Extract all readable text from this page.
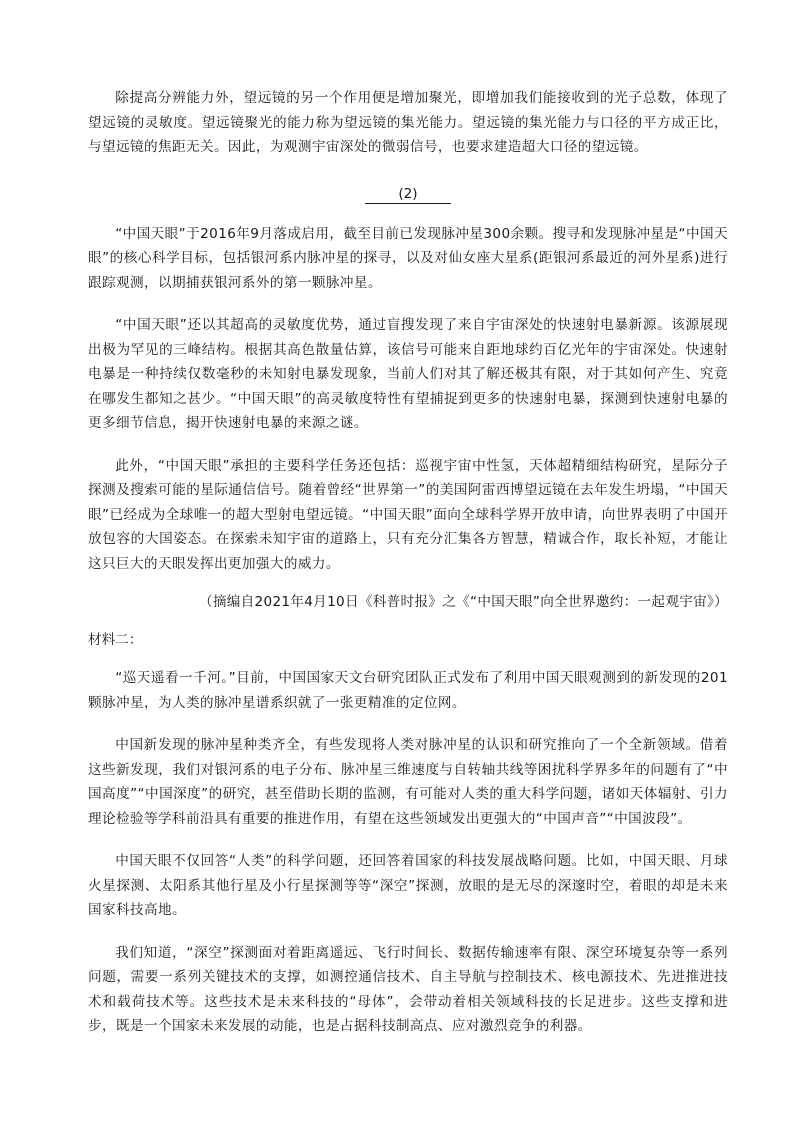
除提高分辨能力外，望远镜的另一个作用便是增加聚光，即增加我们能接收到的光子总数，体现了望远镜的灵敏度。望远镜聚光的能力称为望远镜的集光能力。望远镜的集光能力与口径的平方成正比，与望远镜的焦距无关。因此，为观测宇宙深处的微弱信号，也要求建造超大口径的望远镜。

(2)

“中国天眼”于2016年9月落成启用，截至目前已发现脉冲星300余颗。搜寻和发现脉冲星是“中国天眼”的核心科学目标，包括银河系内脉冲星的探寻，以及对仙女座大星系(距银河系最近的河外星系)进行跟踪观测，以期捕获银河系外的第一颗脉冲星。

“中国天眼”还以其超高的灵敏度优势，通过盲搜发现了来自宇宙深处的快速射电暴新源。该源展现出极为罕见的三峰结构。根据其高色散量估算，该信号可能来自距地球约百亿光年的宇宙深处。快速射电暴是一种持续仅数毫秒的未知射电暴发现象，当前人们对其了解还极其有限，对于其如何产生、究竟在哪发生都知之甚少。“中国天眼”的高灵敏度特性有望捕捉到更多的快速射电暴，探测到快速射电暴的更多细节信息，揭开快速射电暴的来源之谜。

此外，“中国天眼”承担的主要科学任务还包括：巡视宇宙中性氢，天体超精细结构研究，星际分子探测及搜索可能的星际通信信号。随着曾经“世界第一”的美国阿雷西博望远镜在去年发生坍塌，“中国天眼”已经成为全球唯一的超大型射电望远镜。“中国天眼”面向全球科学界开放申请，向世界表明了中国开放包容的大国姿态。在探索未知宇宙的道路上，只有充分汇集各方智慧，精诚合作，取长补短，才能让这只巨大的天眼发挥出更加强大的威力。

（摘编自2021年4月10日《科普时报》之《“中国天眼”向全世界邀约：一起观宇宙》）

材料二：

“巡天遥看一千河。”目前，中国国家天文台研究团队正式发布了利用中国天眼观测到的新发现的201颗脉冲星，为人类的脉冲星谱系织就了一张更精准的定位网。

中国新发现的脉冲星种类齐全，有些发现将人类对脉冲星的认识和研究推向了一个全新领域。借着这些新发现，我们对银河系的电子分布、脉冲星三维速度与自转轴共线等困扰科学界多年的问题有了“中国高度”“中国深度”的研究，甚至借助长期的监测，有可能对人类的重大科学问题，诸如天体辐射、引力理论检验等学科前沿具有重要的推进作用，有望在这些领域发出更强大的“中国声音”“中国波段”。

中国天眼不仅回答“人类”的科学问题，还回答着国家的科技发展战略问题。比如，中国天眼、月球火星探测、太阳系其他行星及小行星探测等等“深空”探测，放眼的是无尽的深邃时空，着眼的却是未来国家科技高地。

我们知道，“深空”探测面对着距离遥远、飞行时间长、数据传输速率有限、深空环境复杂等一系列问题，需要一系列关键技术的支撑，如测控通信技术、自主导航与控制技术、核电源技术、先进推进技术和载荷技术等。这些技术是未来科技的“母体”，会带动着相关领域科技的长足进步。这些支撑和进步，既是一个国家未来发展的动能，也是占据科技制高点、应对激烈竞争的利器。
